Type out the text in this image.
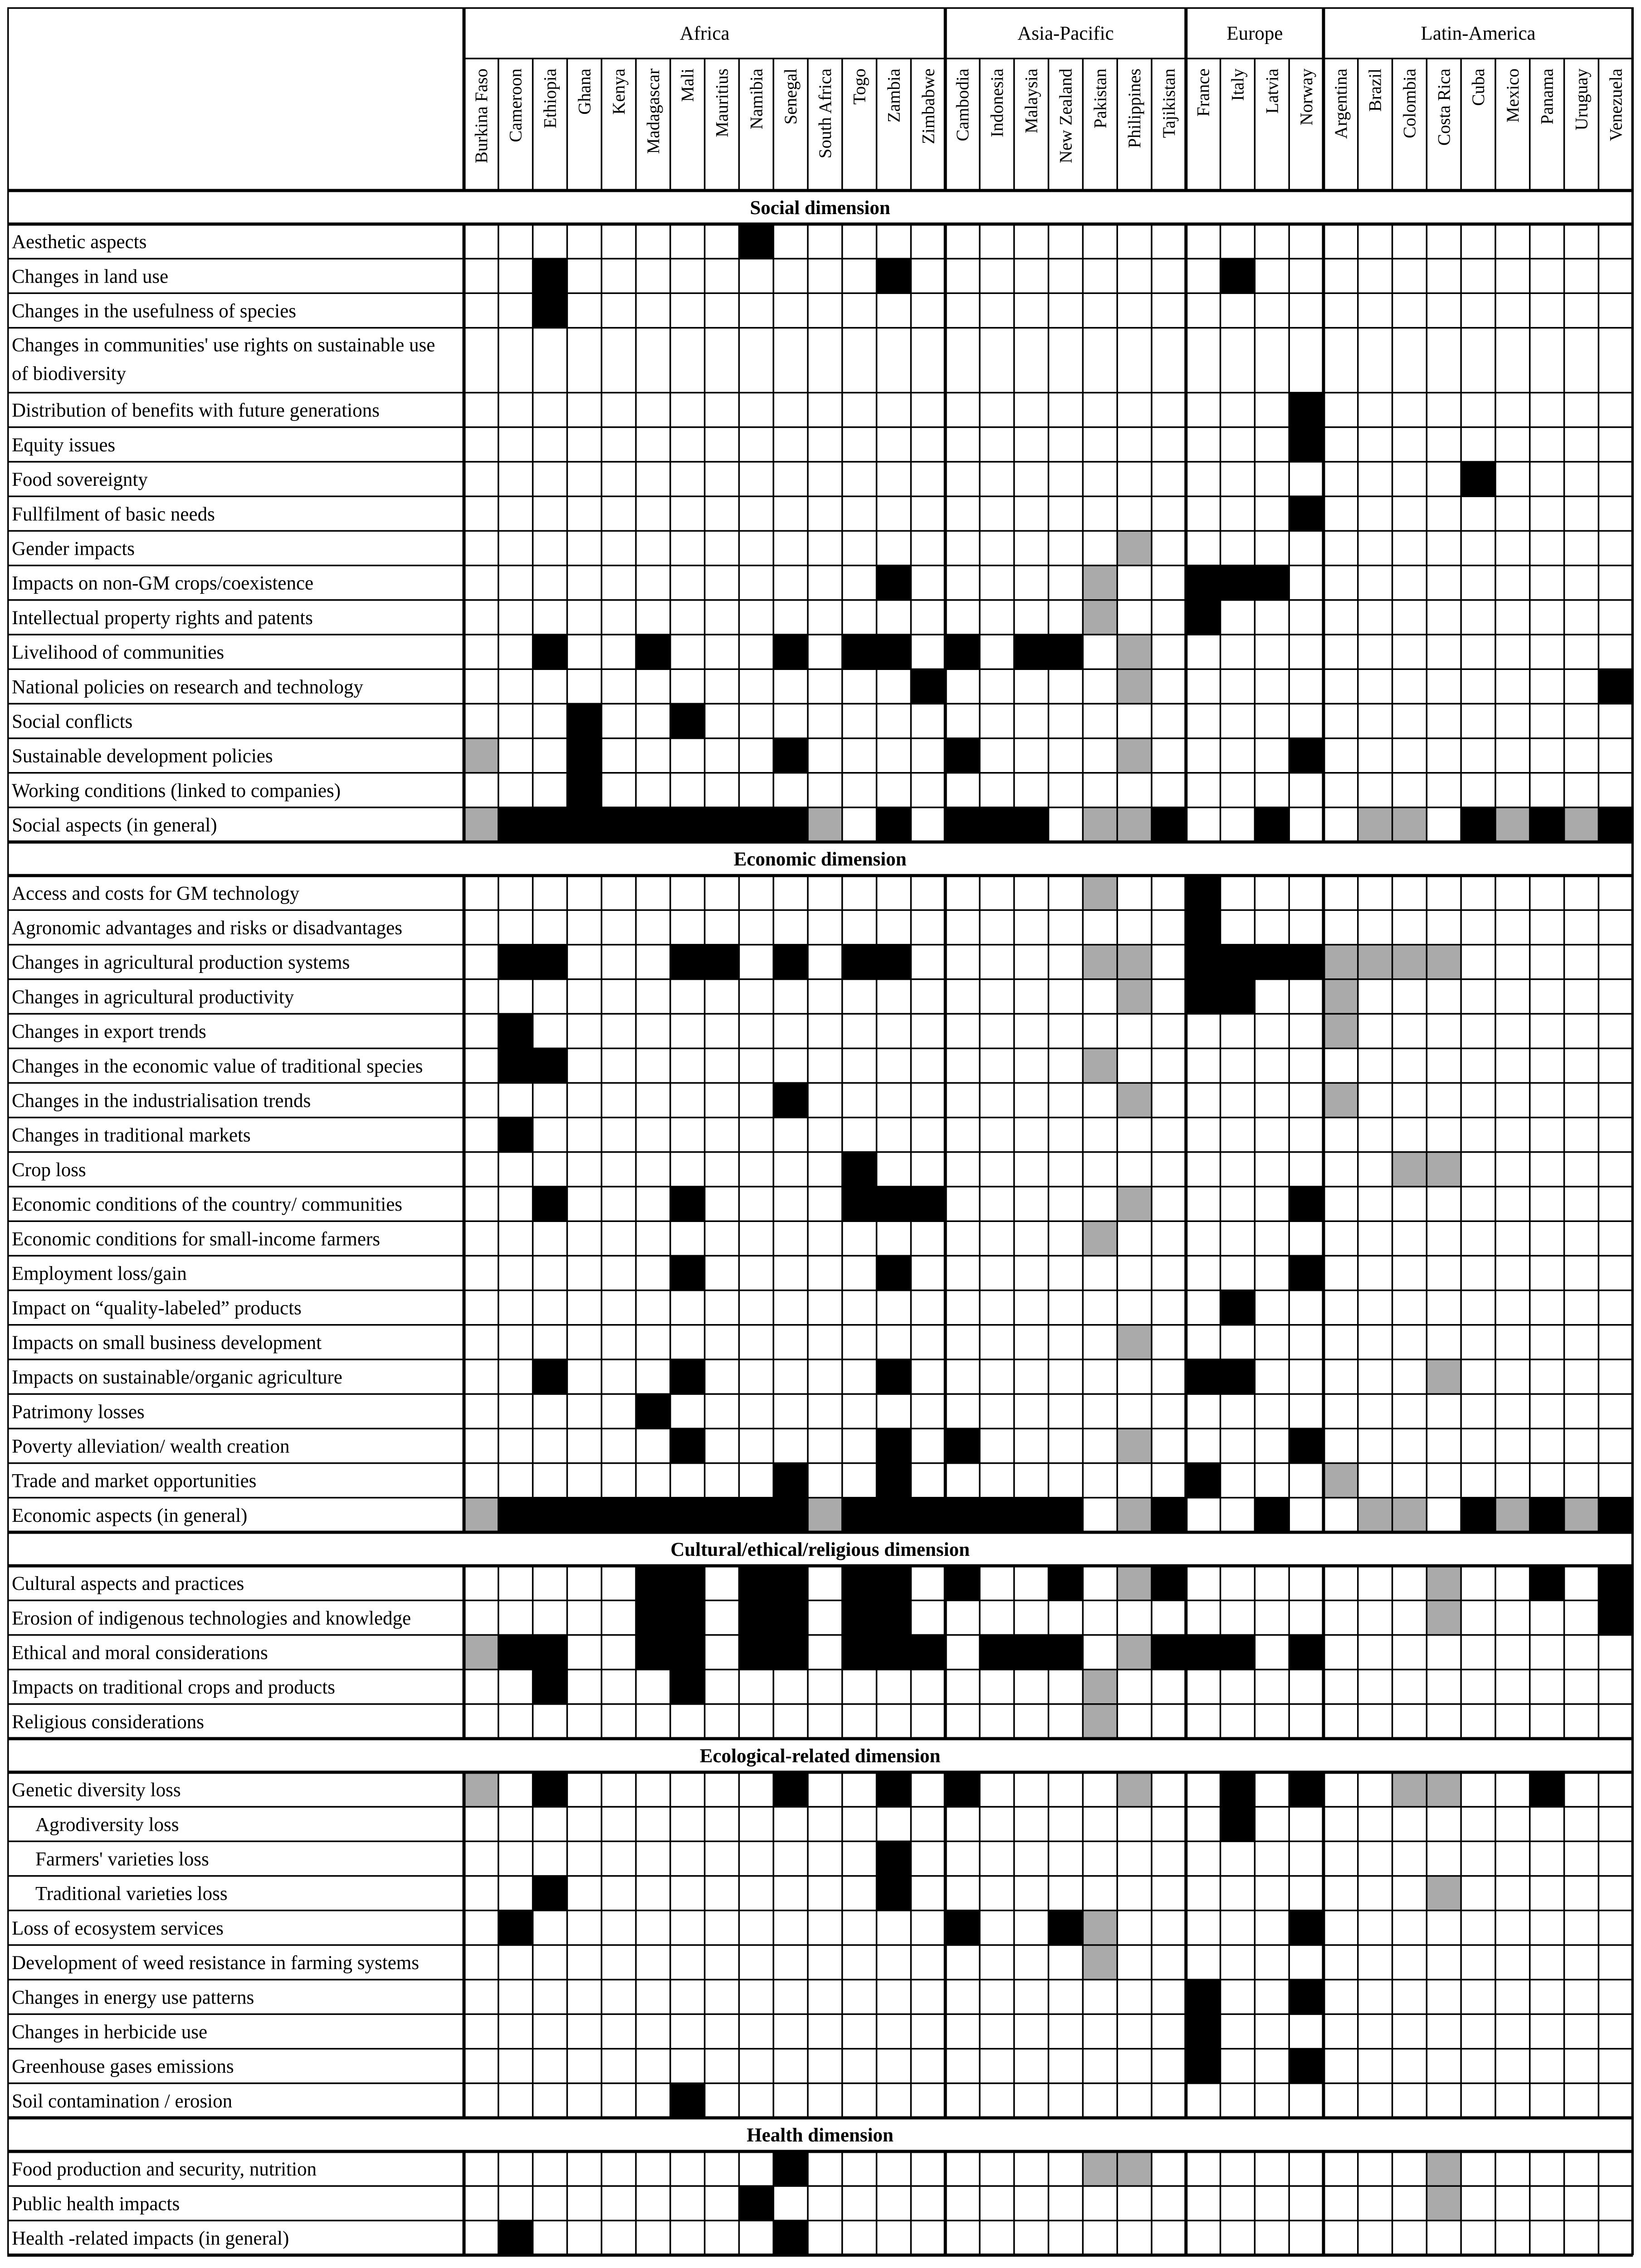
Africa
Burkina Faso Cameroon Ethiopia Ghana Kenya Madagascar Mali Mauritius Namibia Senegal South Africa Togo Zambia Zimbabwe
Asia-Pacific
Cambodia Indonesia Malaysia New Zealand Pakistan Philippines Tajikistan
Europe
France Italy Latvia Norway
Latin-America
Argentina Brazil Colombia Costa Rica Cuba Mexico Panama Uruguay Venezuela
Social dimension
Aesthetic aspects
Changes in land use
Changes in the usefulness of species
Changes in communities' use rights on sustainable use of biodiversity
Distribution of benefits with future generations
Equity issues
Food sovereignty
Fullfilment of basic needs
Gender impacts
Impacts on non-GM crops/coexistence
Intellectual property rights and patents
Livelihood of communities
National policies on research and technology
Social conflicts
Sustainable development policies
Working conditions (linked to companies)
Social aspects (in general)
Economic dimension
Access and costs for GM technology
Agronomic advantages and risks or disadvantages
Changes in agricultural production systems
Changes in agricultural productivity
Changes in export trends
Changes in the economic value of traditional species
Changes in the industrialisation trends
Changes in traditional markets
Crop loss
Economic conditions of the country/ communities
Economic conditions for small-income farmers
Employment loss/gain
Impact on “quality-labeled” products
Impacts on small business development
Impacts on sustainable/organic agriculture
Patrimony losses
Poverty alleviation/ wealth creation
Trade and market opportunities
Economic aspects (in general)
Cultural/ethical/religious dimension
Cultural aspects and practices
Erosion of indigenous technologies and knowledge
Ethical and moral considerations
Impacts on traditional crops and products
Religious considerations
Ecological-related dimension
Genetic diversity loss
Agrodiversity loss
Farmers' varieties loss
Traditional varieties loss
Loss of ecosystem services
Development of weed resistance in farming systems
Changes in energy use patterns
Changes in herbicide use
Greenhouse gases emissions
Soil contamination / erosion
Health dimension
Food production and security, nutrition
Public health impacts
Health -related impacts (in general)
